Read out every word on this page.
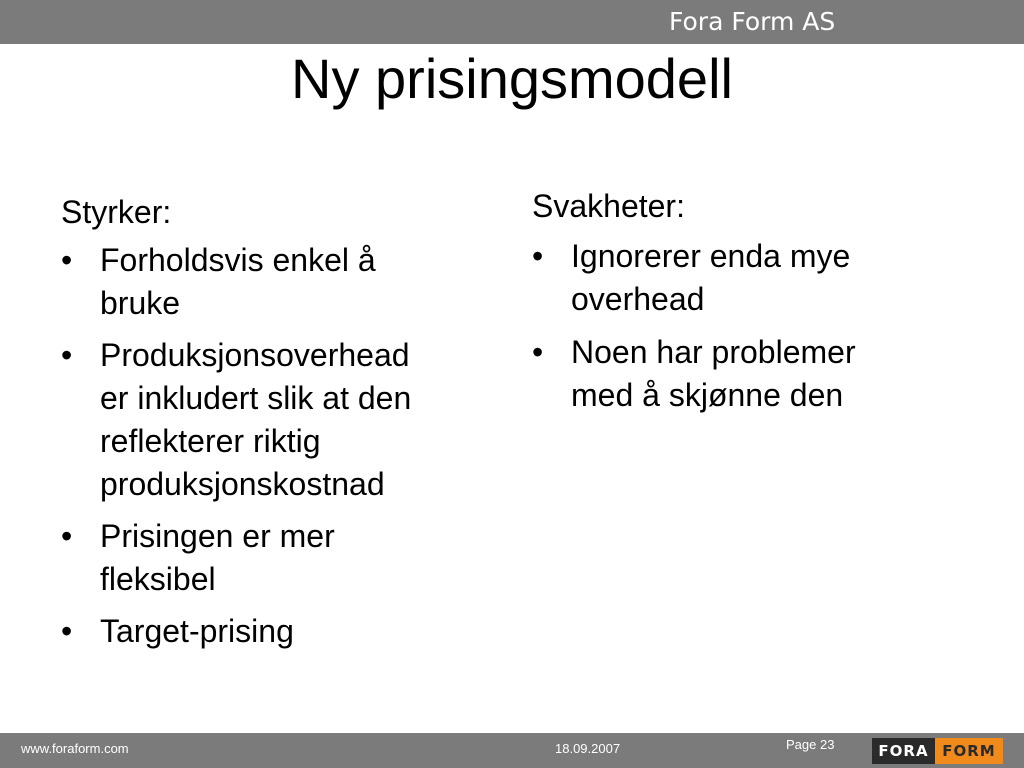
Fora Form AS
Ny prisingsmodell
Styrker:
• Forholdsvis enkel å
bruke
• Produksjonsoverhead
er inkludert slik at den
reflekterer riktig
produksjonskostnad
• Prisingen er mer
fleksibel
• Target-prising
Svakheter:
• Ignorerer enda mye
overhead
• Noen har problemer
med å skjønne den
www.foraform.com	18.09.2007	Page 23	FORA FORM
